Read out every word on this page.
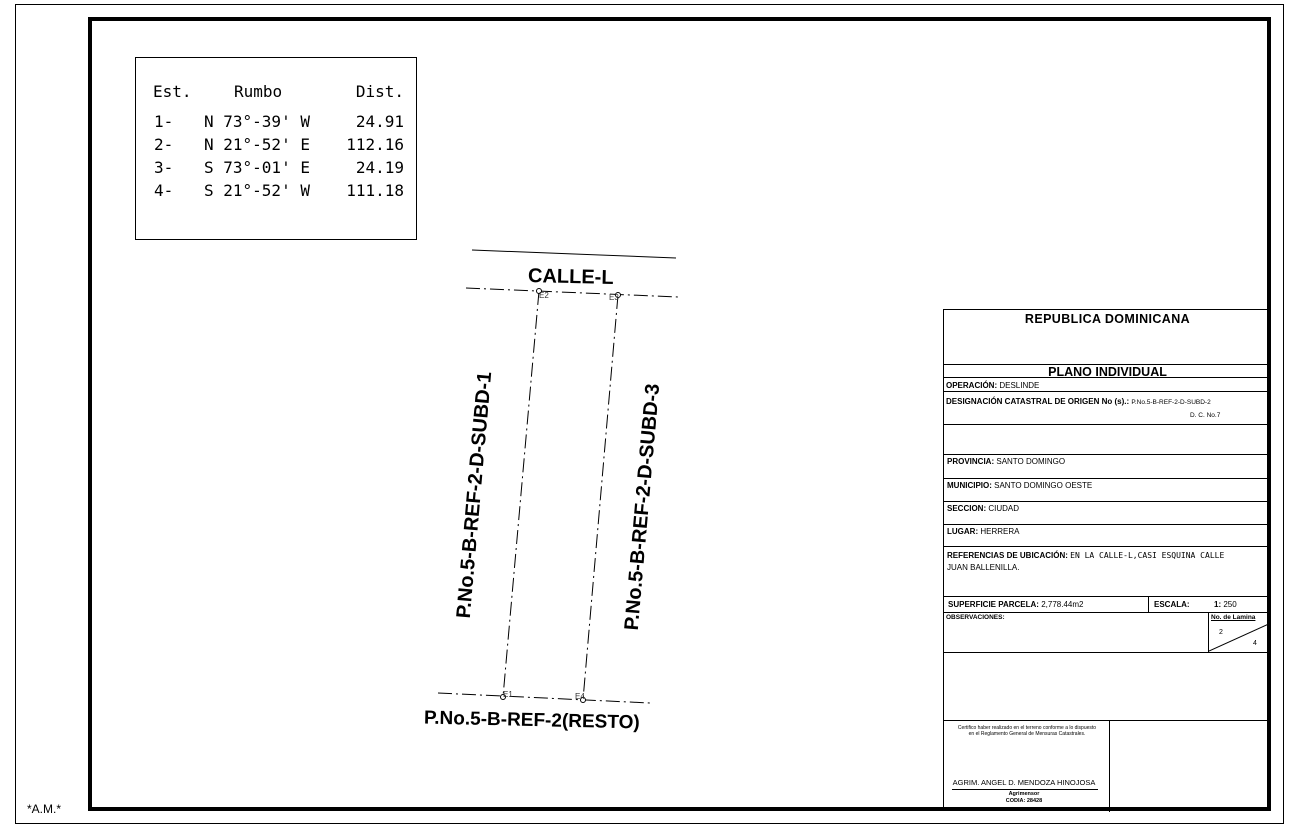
*A.M.*
Est.	Rumbo	Dist.
1- N 73°-39' W	24.91
2- N 21°-52' E 112.16
3- S 73°-01' E	24.19
4- S 21°-52' W 111.18
E2	E3
E1	E4
CALLE-L
P.No.5-B-REF-2-D-SUBD-1	P.No.5-B-REF-2-D-SUBD-3
P.No.5-B-REF-2(RESTO)
REPUBLICA DOMINICANA
PLANO INDIVIDUAL
OPERACIÓN: DESLINDE
DESIGNACIÓN CATASTRAL DE ORIGEN No (s).: P.No.5-B-REF-2-D-SUBD-2
D. C. No.7
PROVINCIA: SANTO DOMINGO
MUNICIPIO: SANTO DOMINGO OESTE
SECCION: CIUDAD
LUGAR: HERRERA
REFERENCIAS DE UBICACIÓN: EN LA CALLE-L,CASI ESQUINA CALLE
JUAN BALLENILLA.
SUPERFICIE PARCELA: 2,778.44m2	ESCALA:	1: 250
OBSERVACIONES:	No. de Lamina
2
4
Certifico haber realizado en el terreno conforme a lo dispuesto
en el Reglamento General de Mensuras Catastrales.
AGRIM. ANGEL D. MENDOZA HINOJOSA
Agrimensor
CODIA: 28428
